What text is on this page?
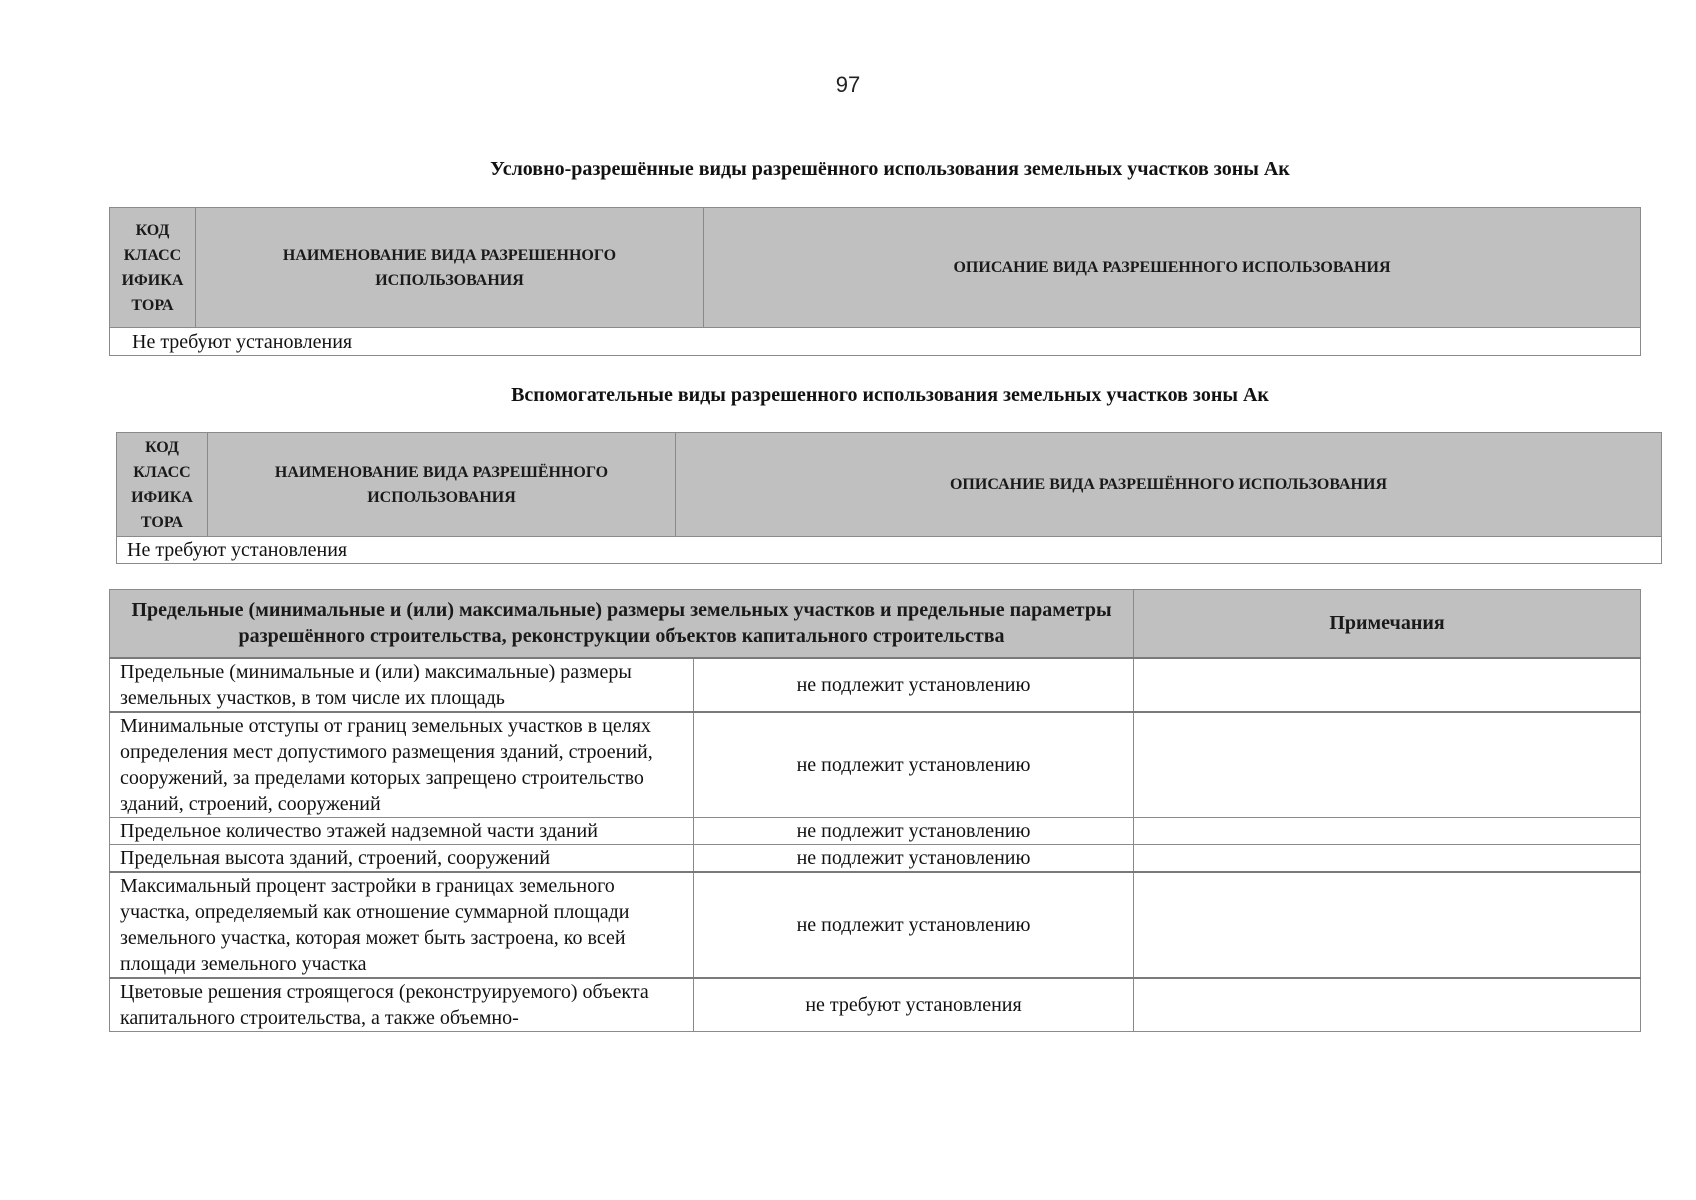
97
Условно-разрешённые виды разрешённого использования земельных участков зоны Ак
КОД КЛАСС ИФИКА ТОРА	НАИМЕНОВАНИЕ ВИДА РАЗРЕШЕННОГО ИСПОЛЬЗОВАНИЯ	ОПИСАНИЕ ВИДА РАЗРЕШЕННОГО ИСПОЛЬЗОВАНИЯ
Не требуют установления
Вспомогательные виды разрешенного использования земельных участков зоны Ак
КОД КЛАСС ИФИКА ТОРА	НАИМЕНОВАНИЕ ВИДА РАЗРЕШЁННОГО ИСПОЛЬЗОВАНИЯ	ОПИСАНИЕ ВИДА РАЗРЕШЁННОГО ИСПОЛЬЗОВАНИЯ
Не требуют установления
Предельные (минимальные и (или) максимальные) размеры земельных участков и предельные параметры разрешённого строительства, реконструкции объектов капитального строительства		Примечания
Предельные (минимальные и (или) максимальные) размеры земельных участков, в том числе их площадь	не подлежит установлению	
Минимальные отступы от границ земельных участков в целях определения мест допустимого размещения зданий, строений, сооружений, за пределами которых запрещено строительство зданий, строений, сооружений	не подлежит установлению	
Предельное количество этажей надземной части зданий	не подлежит установлению	
Предельная высота зданий, строений, сооружений	не подлежит установлению	
Максимальный процент застройки в границах земельного участка, определяемый как отношение суммарной площади земельного участка, которая может быть застроена, ко всей площади земельного участка	не подлежит установлению	
Цветовые решения строящегося (реконструируемого) объекта капитального строительства, а также объемно-	не требуют установления	
